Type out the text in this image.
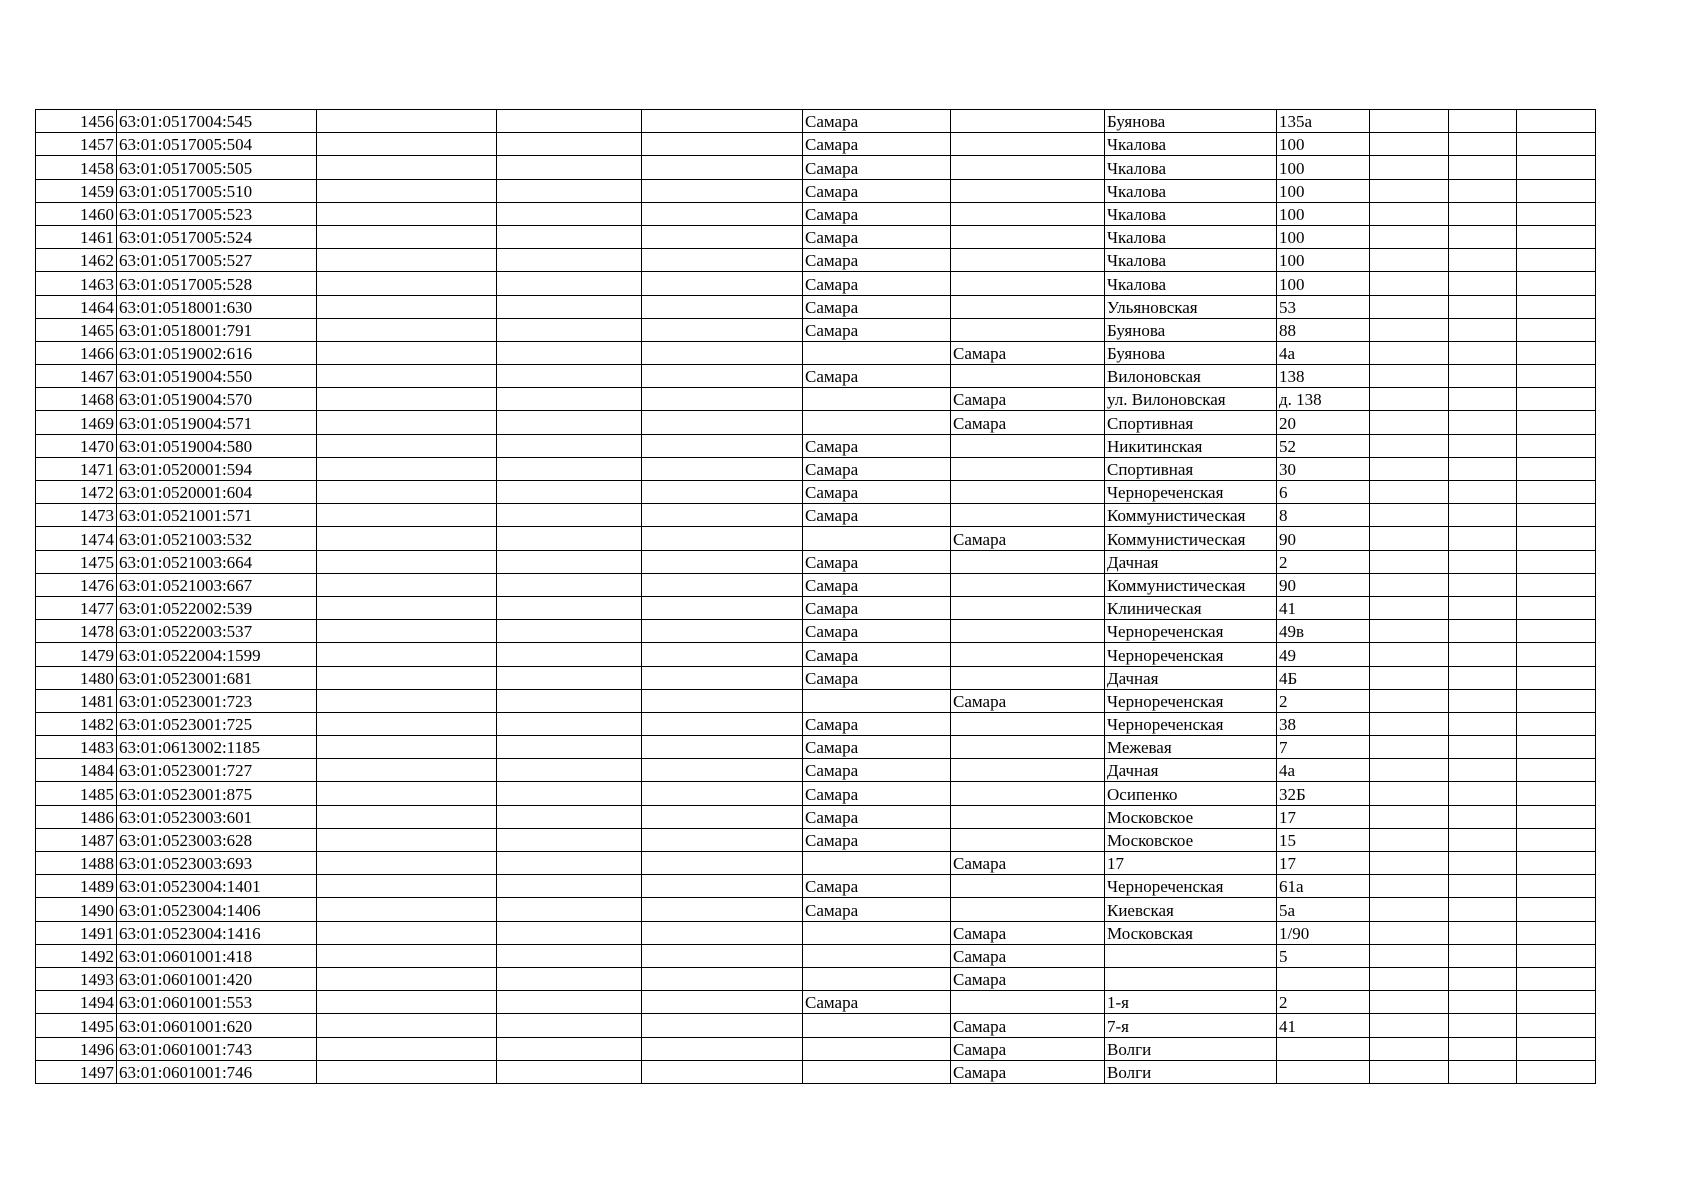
1456	63:01:0517004:545				Самара		Буянова	135а			
1457	63:01:0517005:504				Самара		Чкалова	100			
1458	63:01:0517005:505				Самара		Чкалова	100			
1459	63:01:0517005:510				Самара		Чкалова	100			
1460	63:01:0517005:523				Самара		Чкалова	100			
1461	63:01:0517005:524				Самара		Чкалова	100			
1462	63:01:0517005:527				Самара		Чкалова	100			
1463	63:01:0517005:528				Самара		Чкалова	100			
1464	63:01:0518001:630				Самара		Ульяновская	53			
1465	63:01:0518001:791				Самара		Буянова	88			
1466	63:01:0519002:616					Самара	Буянова	4а			
1467	63:01:0519004:550				Самара		Вилоновская	138			
1468	63:01:0519004:570					Самара	ул. Вилоновская	д. 138			
1469	63:01:0519004:571					Самара	Спортивная	20			
1470	63:01:0519004:580				Самара		Никитинская	52			
1471	63:01:0520001:594				Самара		Спортивная	30			
1472	63:01:0520001:604				Самара		Чернореченская	6			
1473	63:01:0521001:571				Самара		Коммунистическая	8			
1474	63:01:0521003:532					Самара	Коммунистическая	90			
1475	63:01:0521003:664				Самара		Дачная	2			
1476	63:01:0521003:667				Самара		Коммунистическая	90			
1477	63:01:0522002:539				Самара		Клиническая	41			
1478	63:01:0522003:537				Самара		Чернореченская	49в			
1479	63:01:0522004:1599				Самара		Чернореченская	49			
1480	63:01:0523001:681				Самара		Дачная	4Б			
1481	63:01:0523001:723					Самара	Чернореченская	2			
1482	63:01:0523001:725				Самара		Чернореченская	38			
1483	63:01:0613002:1185				Самара		Межевая	7			
1484	63:01:0523001:727				Самара		Дачная	4а			
1485	63:01:0523001:875				Самара		Осипенко	32Б			
1486	63:01:0523003:601				Самара		Московское	17			
1487	63:01:0523003:628				Самара		Московское	15			
1488	63:01:0523003:693					Самара	17	17			
1489	63:01:0523004:1401				Самара		Чернореченская	61а			
1490	63:01:0523004:1406				Самара		Киевская	5а			
1491	63:01:0523004:1416					Самара	Московская	1/90			
1492	63:01:0601001:418					Самара		5			
1493	63:01:0601001:420					Самара					
1494	63:01:0601001:553				Самара		1-я	2			
1495	63:01:0601001:620					Самара	7-я	41			
1496	63:01:0601001:743					Самара	Волги				
1497	63:01:0601001:746					Самара	Волги				
